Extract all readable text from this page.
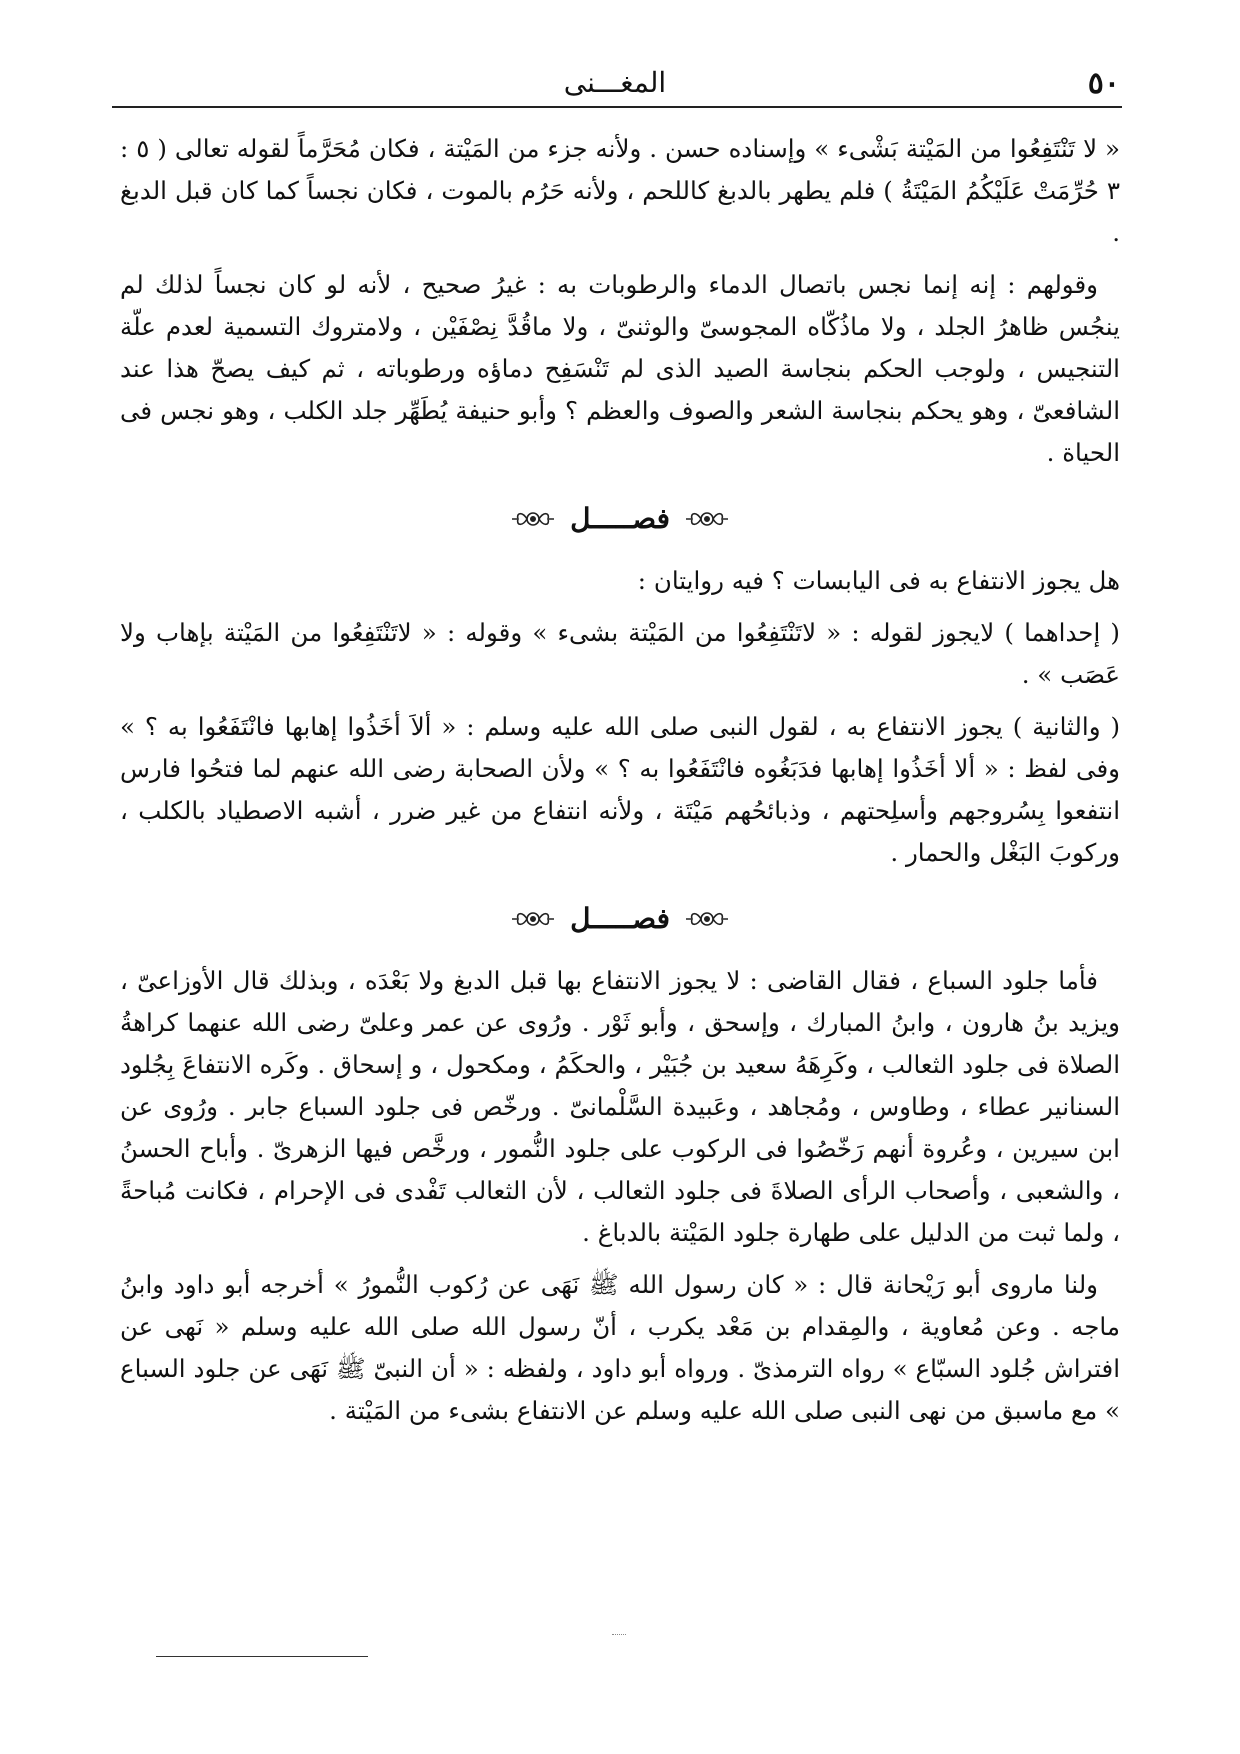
٥٠
المغـــنى

« لا تَنْتَفِعُوا من المَيْتة بَشْىء » وإسناده حسن . ولأنه جزء من المَيْتة ، فكان مُحَرَّماً لقوله تعالى ( ٥ : ٣ حُرِّمَتْ عَلَيْكُمُ المَيْتَةُ ) فلم يطهر بالدبغ كاللحم ، ولأنه حَرُم بالموت ، فكان نجساً كما كان قبل الدبغ .

وقولهم : إنه إنما نجس باتصال الدماء والرطوبات به : غيرُ صحيح ، لأنه لو كان نجساً لذلك لم ينجُس ظاهرُ الجلد ، ولا ماذُكّاه المجوسىّ والوثنىّ ، ولا ماقُدَّ نِصْفَيْن ، ولامتروك التسمية لعدم علّة التنجيس ، ولوجب الحكم بنجاسة الصيد الذى لم تَنْسَفِح دماؤه ورطوباته ، ثم كيف يصحّ هذا عند الشافعىّ ، وهو يحكم بنجاسة الشعر والصوف والعظم ؟ وأبو حنيفة يُطَهِّر جلد الكلب ، وهو نجس فى الحياة .

فصـــــل

هل يجوز الانتفاع به فى اليابسات ؟ فيه روايتان :

( إحداهما ) لايجوز لقوله : « لاتَنْتَفِعُوا من المَيْتة بشىء » وقوله : « لاتَنْتَفِعُوا من المَيْتة بإهاب ولا عَصَب » .

( والثانية ) يجوز الانتفاع به ، لقول النبى صلى الله عليه وسلم : « ألاَ أخَذُوا إهابها فانْتَفَعُوا به ؟ » وفى لفظ : « ألا أخَذُوا إهابها فدَبَغُوه فانْتَفَعُوا به ؟ » ولأن الصحابة رضى الله عنهم لما فتحُوا فارس انتفعوا بِسُروجهم وأسلِحتهم ، وذبائحُهم مَيْتَة ، ولأنه انتفاع من غير ضرر ، أشبه الاصطياد بالكلب ، وركوبَ البَغْل والحمار .

فصـــــل

فأما جلود السباع ، فقال القاضى : لا يجوز الانتفاع بها قبل الدبغ ولا بَعْدَه ، وبذلك قال الأوزاعىّ ، ويزيد بنُ هارون ، وابنُ المبارك ، وإسحق ، وأبو ثَوْر . ورُوى عن عمر وعلىّ رضى الله عنهما كراهةُ الصلاة فى جلود الثعالب ، وكَرِهَهُ سعيد بن جُبَيْر ، والحكَمُ ، ومكحول ، و إسحاق . وكَره الانتفاعَ بِجُلود السنانير عطاء ، وطاوس ، ومُجاهد ، وعَبيدة السَّلْمانىّ . ورخّص فى جلود السباع جابر . ورُوى عن ابن سيرين ، وعُروة أنهم رَخّصُوا فى الركوب على جلود النُّمور ، ورخَّص فيها الزهرىّ . وأباح الحسنُ ، والشعبى ، وأصحاب الرأى الصلاةَ فى جلود الثعالب ، لأن الثعالب تَفْدى فى الإحرام ، فكانت مُباحةً ، ولما ثبت من الدليل على طهارة جلود المَيْتة بالدباغ .

ولنا ماروى أبو رَيْحانة قال : « كان رسول الله ﷺ نَهَى عن رُكوب النُّمورُ » أخرجه أبو داود وابنُ ماجه . وعن مُعاوية ، والمِقدام بن مَعْد يكرب ، أنّ رسول الله صلى الله عليه وسلم « نَهى عن افتراش جُلود السبّاع » رواه الترمذىّ . ورواه أبو داود ، ولفظه : « أن النبىّ ﷺ نَهَى عن جلود السباع » مع ماسبق من نهى النبى صلى الله عليه وسلم عن الانتفاع بشىء من المَيْتة .
